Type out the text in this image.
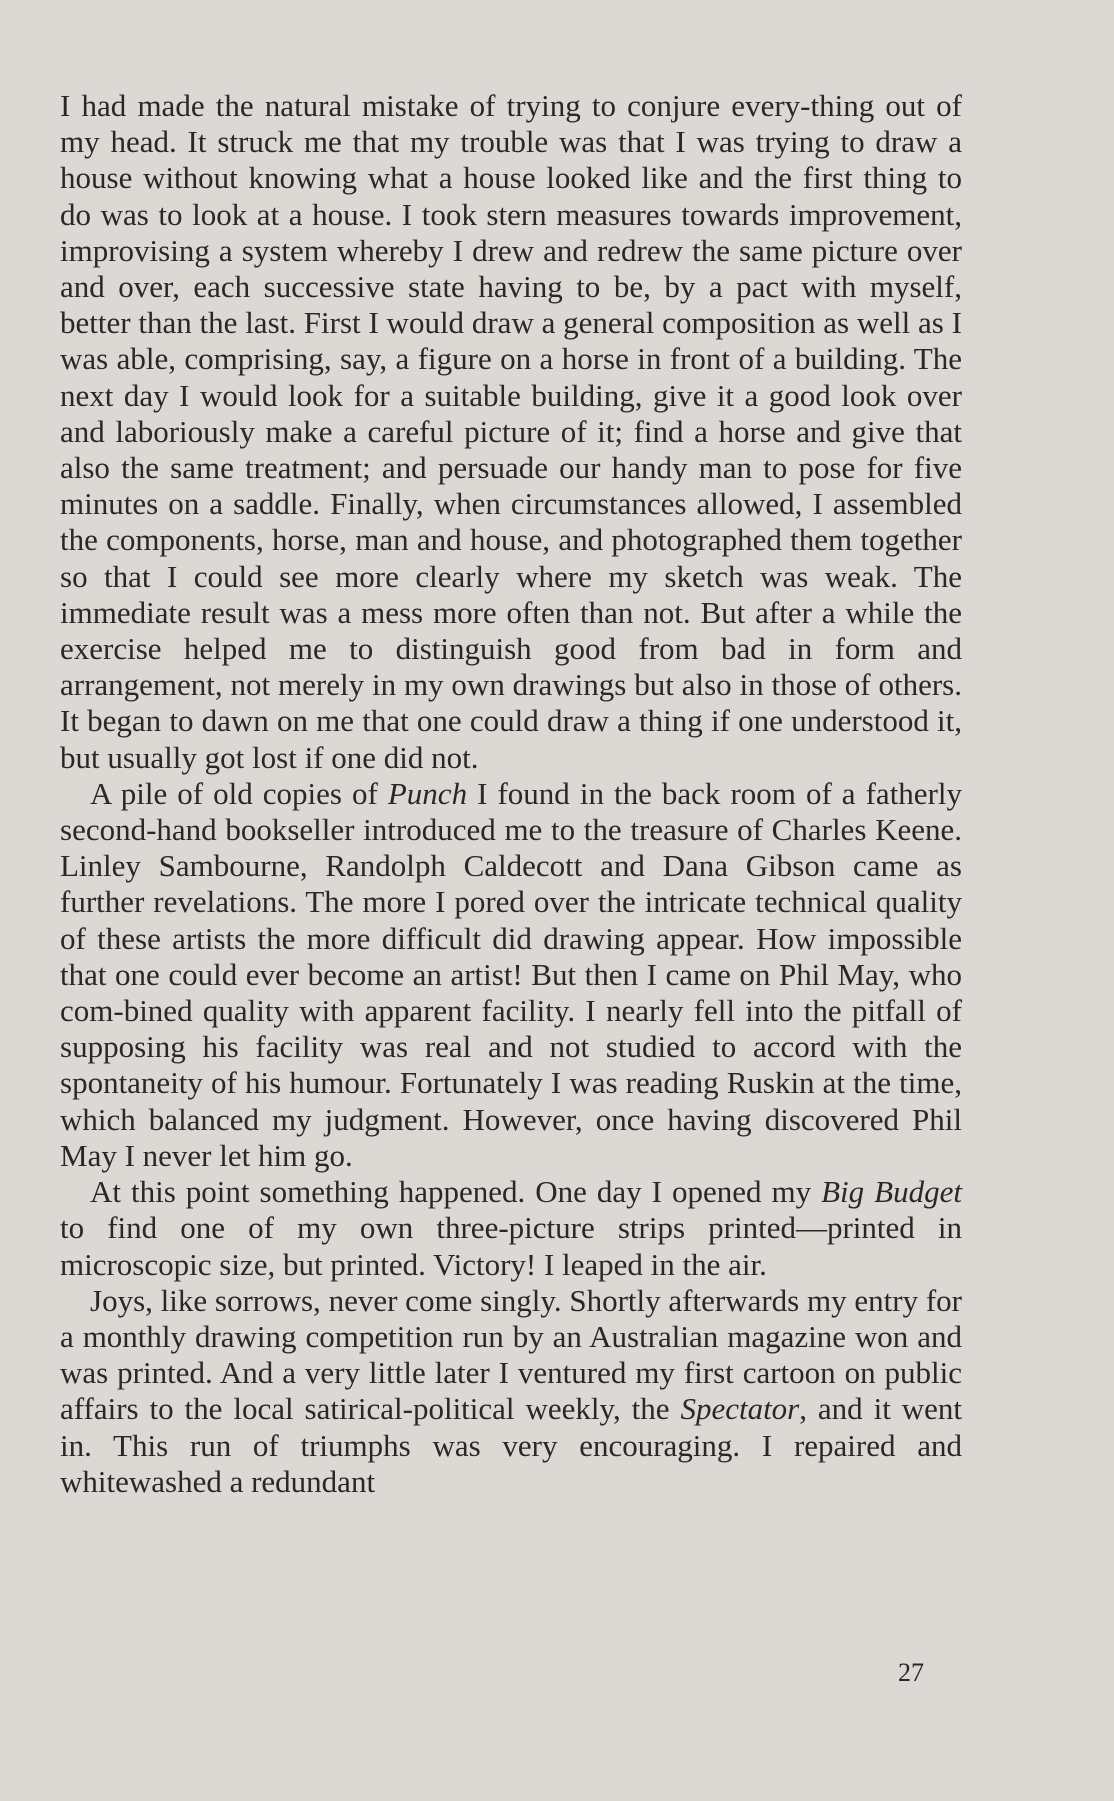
I had made the natural mistake of trying to conjure every-thing out of my head. It struck me that my trouble was that I was trying to draw a house without knowing what a house looked like and the first thing to do was to look at a house. I took stern measures towards improvement, improvising a system whereby I drew and redrew the same picture over and over, each successive state having to be, by a pact with myself, better than the last. First I would draw a general composition as well as I was able, comprising, say, a figure on a horse in front of a building. The next day I would look for a suitable building, give it a good look over and laboriously make a careful picture of it; find a horse and give that also the same treatment; and persuade our handy man to pose for five minutes on a saddle. Finally, when circumstances allowed, I assembled the components, horse, man and house, and photographed them together so that I could see more clearly where my sketch was weak. The immediate result was a mess more often than not. But after a while the exercise helped me to distinguish good from bad in form and arrangement, not merely in my own drawings but also in those of others. It began to dawn on me that one could draw a thing if one understood it, but usually got lost if one did not.

A pile of old copies of Punch I found in the back room of a fatherly second-hand bookseller introduced me to the treasure of Charles Keene. Linley Sambourne, Randolph Caldecott and Dana Gibson came as further revelations. The more I pored over the intricate technical quality of these artists the more difficult did drawing appear. How impossible that one could ever become an artist! But then I came on Phil May, who com-bined quality with apparent facility. I nearly fell into the pitfall of supposing his facility was real and not studied to accord with the spontaneity of his humour. Fortunately I was reading Ruskin at the time, which balanced my judgment. However, once having discovered Phil May I never let him go.

At this point something happened. One day I opened my Big Budget to find one of my own three-picture strips printed—printed in microscopic size, but printed. Victory! I leaped in the air.

Joys, like sorrows, never come singly. Shortly afterwards my entry for a monthly drawing competition run by an Australian magazine won and was printed. And a very little later I ventured my first cartoon on public affairs to the local satirical-political weekly, the Spectator, and it went in. This run of triumphs was very encouraging. I repaired and whitewashed a redundant

27
